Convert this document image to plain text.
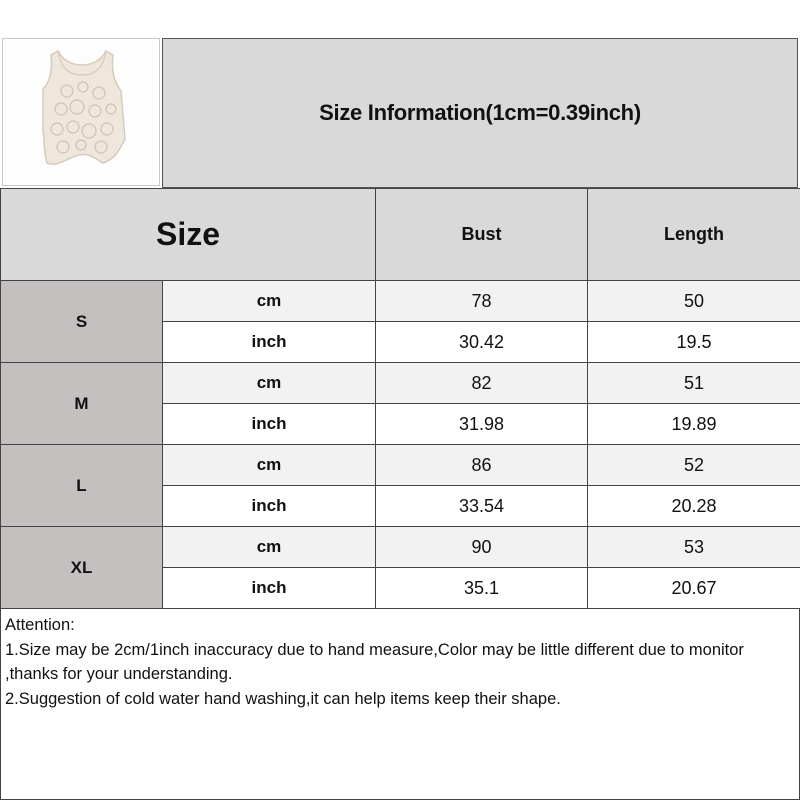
Size Information(1cm=0.39inch)
Size		Bust	Length
S	cm	78	50
	inch	30.42	19.5
M	cm	82	51
	inch	31.98	19.89
L	cm	86	52
	inch	33.54	20.28
XL	cm	90	53
	inch	35.1	20.67
Attention:
1.Size may be 2cm/1inch inaccuracy due to hand measure,Color may be little different due to monitor ,thanks for your understanding.
2.Suggestion of cold water hand washing,it can help items keep their shape.
